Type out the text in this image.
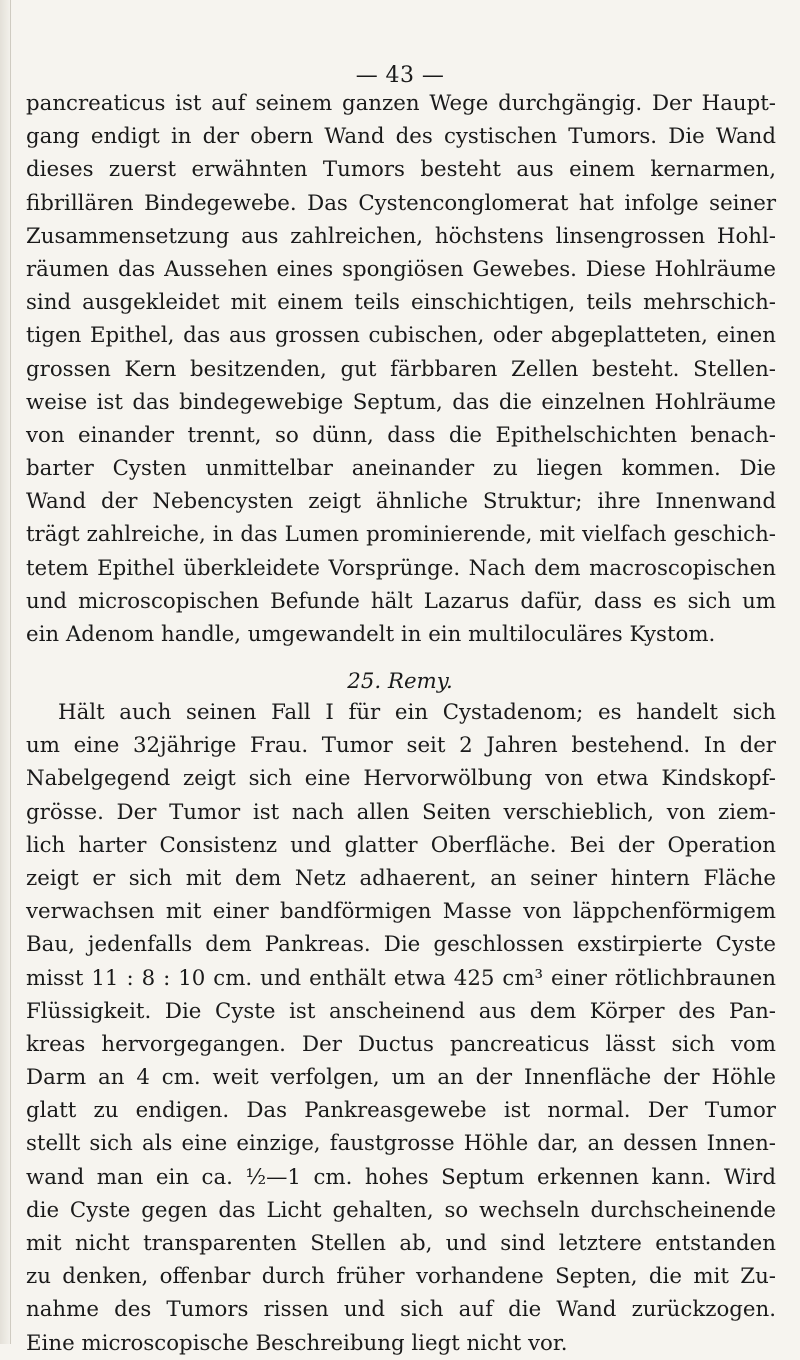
— 43 —
pancreaticus ist auf seinem ganzen Wege durchgängig. Der Haupt-
gang endigt in der obern Wand des cystischen Tumors. Die Wand
dieses zuerst erwähnten Tumors besteht aus einem kernarmen,
fibrillären Bindegewebe. Das Cystenconglomerat hat infolge seiner
Zusammensetzung aus zahlreichen, höchstens linsengrossen Hohl-
räumen das Aussehen eines spongiösen Gewebes. Diese Hohlräume
sind ausgekleidet mit einem teils einschichtigen, teils mehrschich-
tigen Epithel, das aus grossen cubischen, oder abgeplatteten, einen
grossen Kern besitzenden, gut färbbaren Zellen besteht. Stellen-
weise ist das bindegewebige Septum, das die einzelnen Hohlräume
von einander trennt, so dünn, dass die Epithelschichten benach-
barter Cysten unmittelbar aneinander zu liegen kommen. Die
Wand der Nebencysten zeigt ähnliche Struktur; ihre Innenwand
trägt zahlreiche, in das Lumen prominierende, mit vielfach geschich-
tetem Epithel überkleidete Vorsprünge. Nach dem macroscopischen
und microscopischen Befunde hält Lazarus dafür, dass es sich um
ein Adenom handle, umgewandelt in ein multiloculäres Kystom.
25. Remy.
Hält auch seinen Fall I für ein Cystadenom; es handelt sich
um eine 32jährige Frau. Tumor seit 2 Jahren bestehend. In der
Nabelgegend zeigt sich eine Hervorwölbung von etwa Kindskopf-
grösse. Der Tumor ist nach allen Seiten verschieblich, von ziem-
lich harter Consistenz und glatter Oberfläche. Bei der Operation
zeigt er sich mit dem Netz adhaerent, an seiner hintern Fläche
verwachsen mit einer bandförmigen Masse von läppchenförmigem
Bau, jedenfalls dem Pankreas. Die geschlossen exstirpierte Cyste
misst 11 : 8 : 10 cm. und enthält etwa 425 cm³ einer rötlichbraunen
Flüssigkeit. Die Cyste ist anscheinend aus dem Körper des Pan-
kreas hervorgegangen. Der Ductus pancreaticus lässt sich vom
Darm an 4 cm. weit verfolgen, um an der Innenfläche der Höhle
glatt zu endigen. Das Pankreasgewebe ist normal. Der Tumor
stellt sich als eine einzige, faustgrosse Höhle dar, an dessen Innen-
wand man ein ca. ½—1 cm. hohes Septum erkennen kann. Wird
die Cyste gegen das Licht gehalten, so wechseln durchscheinende
mit nicht transparenten Stellen ab, und sind letztere entstanden
zu denken, offenbar durch früher vorhandene Septen, die mit Zu-
nahme des Tumors rissen und sich auf die Wand zurückzogen.
Eine microscopische Beschreibung liegt nicht vor.
